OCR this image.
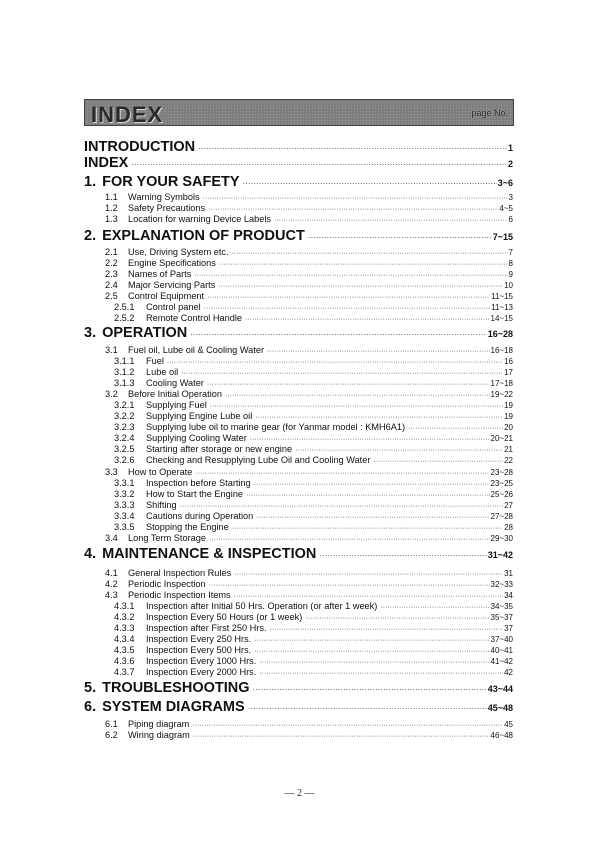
INDEX	page No.
INTRODUCTION ·····	1
INDEX ·····	2
1. FOR YOUR SAFETY ·····	3~6
1.1	Warning Symbols ·····	3
1.2	Safety Precautions ·····	4~5
1.3	Location for warning Device Labels ·····	6
2. EXPLANATION OF PRODUCT ·····	7~15
2.1	Use, Driving System etc. ·····	7
2.2	Engine Specifications ·····	8
2.3	Names of Parts ·····	9
2.4	Major Servicing Parts ·····	10
2.5	Control Equipment ·····	11~15
2.5.1	Control panel ·····	11~13
2.5.2	Remote Control Handle ·····	14~15
3. OPERATION ·····	16~28
3.1	Fuel oil, Lube oil & Cooling Water ·····	16~18
3.1.1	Fuel ·····	16
3.1.2	Lube oil ·····	17
3.1.3	Cooling Water ·····	17~18
3.2	Before Initial Operation ·····	19~22
3.2.1	Supplying Fuel ·····	19
3.2.2	Supplying Engine Lube oil ·····	19
3.2.3	Supplying lube oil to marine gear (for Yanmar model : KMH6A1) ·····	20
3.2.4	Supplying Cooling Water ·····	20~21
3.2.5	Starting after storage or new engine ·····	21
3.2.6	Checking and Resupplying Lube Oil and Cooling Water ·····	22
3.3	How to Operate ·····	23~28
3.3.1	Inspection before Starting ·····	23~25
3.3.2	How to Start the Engine ·····	25~26
3.3.3	Shifting ·····	27
3.3.4	Cautions during Operation ·····	27~28
3.3.5	Stopping the Engine ·····	28
3.4	Long Term Storage ·····	29~30
4. MAINTENANCE & INSPECTION ·····	31~42
4.1	General Inspection Rules ·····	31
4.2	Periodic Inspection ·····	32~33
4.3	Periodic Inspection Items ·····	34
4.3.1	Inspection after Initial 50 Hrs. Operation (or after 1 week) ·····	34~35
4.3.2	Inspection Every 50 Hours (or 1 week) ·····	35~37
4.3.3	Inspection after First 250 Hrs. ·····	37
4.3.4	Inspection Every 250 Hrs. ·····	37~40
4.3.5	Inspection Every 500 Hrs. ·····	40~41
4.3.6	Inspection Every 1000 Hrs. ·····	41~42
4.3.7	Inspection Every 2000 Hrs. ·····	42
5. TROUBLESHOOTING ·····	43~44
6. SYSTEM DIAGRAMS ·····	45~48
6.1	Piping diagram ·····	45
6.2	Wiring diagram ·····	46~48
— 2 —
